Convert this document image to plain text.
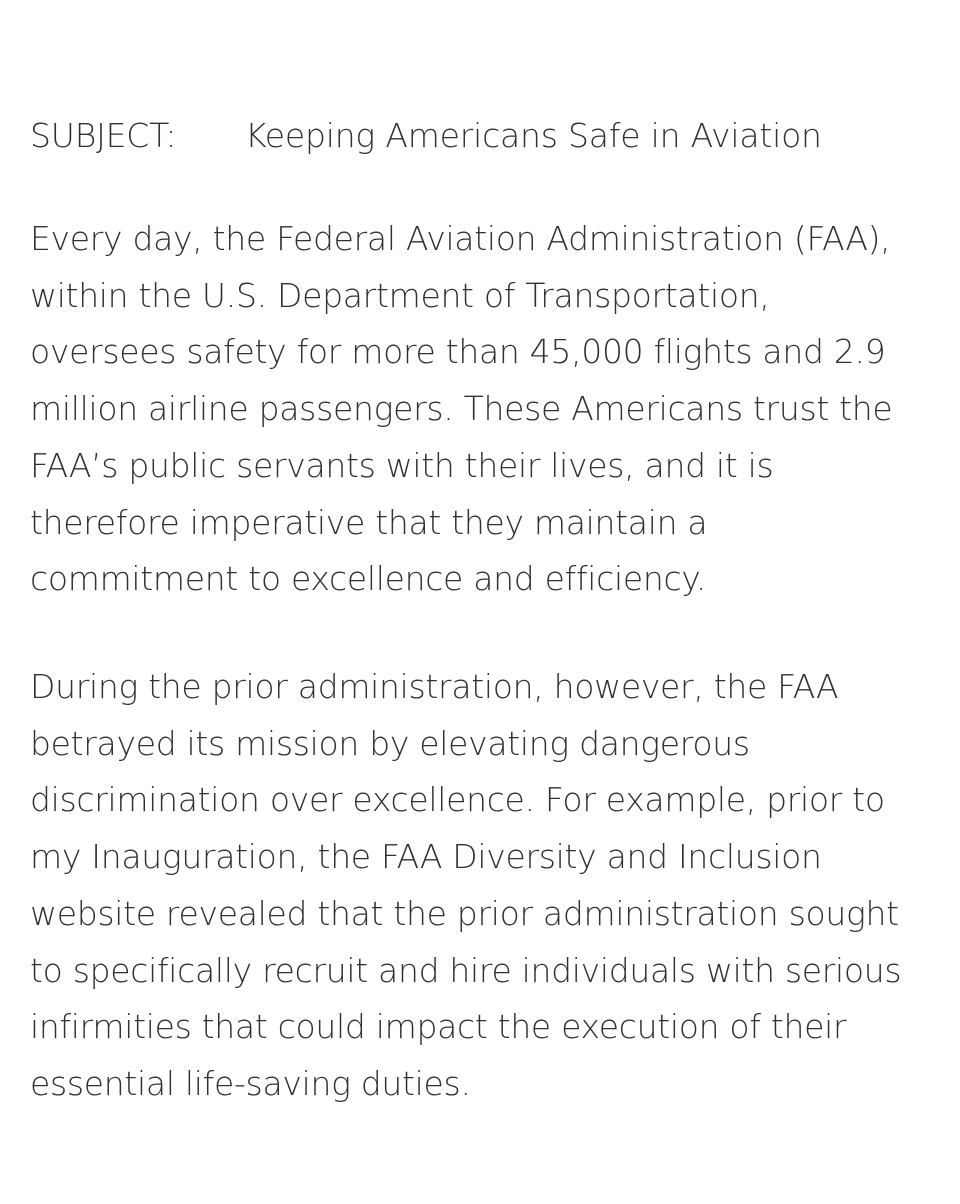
SUBJECT: Keeping Americans Safe in Aviation
Every day, the Federal Aviation Administration (FAA),
within the U.S. Department of Transportation,
oversees safety for more than 45,000 flights and 2.9
million airline passengers. These Americans trust the
FAA’s public servants with their lives, and it is
therefore imperative that they maintain a
commitment to excellence and efficiency.
During the prior administration, however, the FAA
betrayed its mission by elevating dangerous
discrimination over excellence. For example, prior to
my Inauguration, the FAA Diversity and Inclusion
website revealed that the prior administration sought
to specifically recruit and hire individuals with serious
infirmities that could impact the execution of their
essential life-saving duties.
